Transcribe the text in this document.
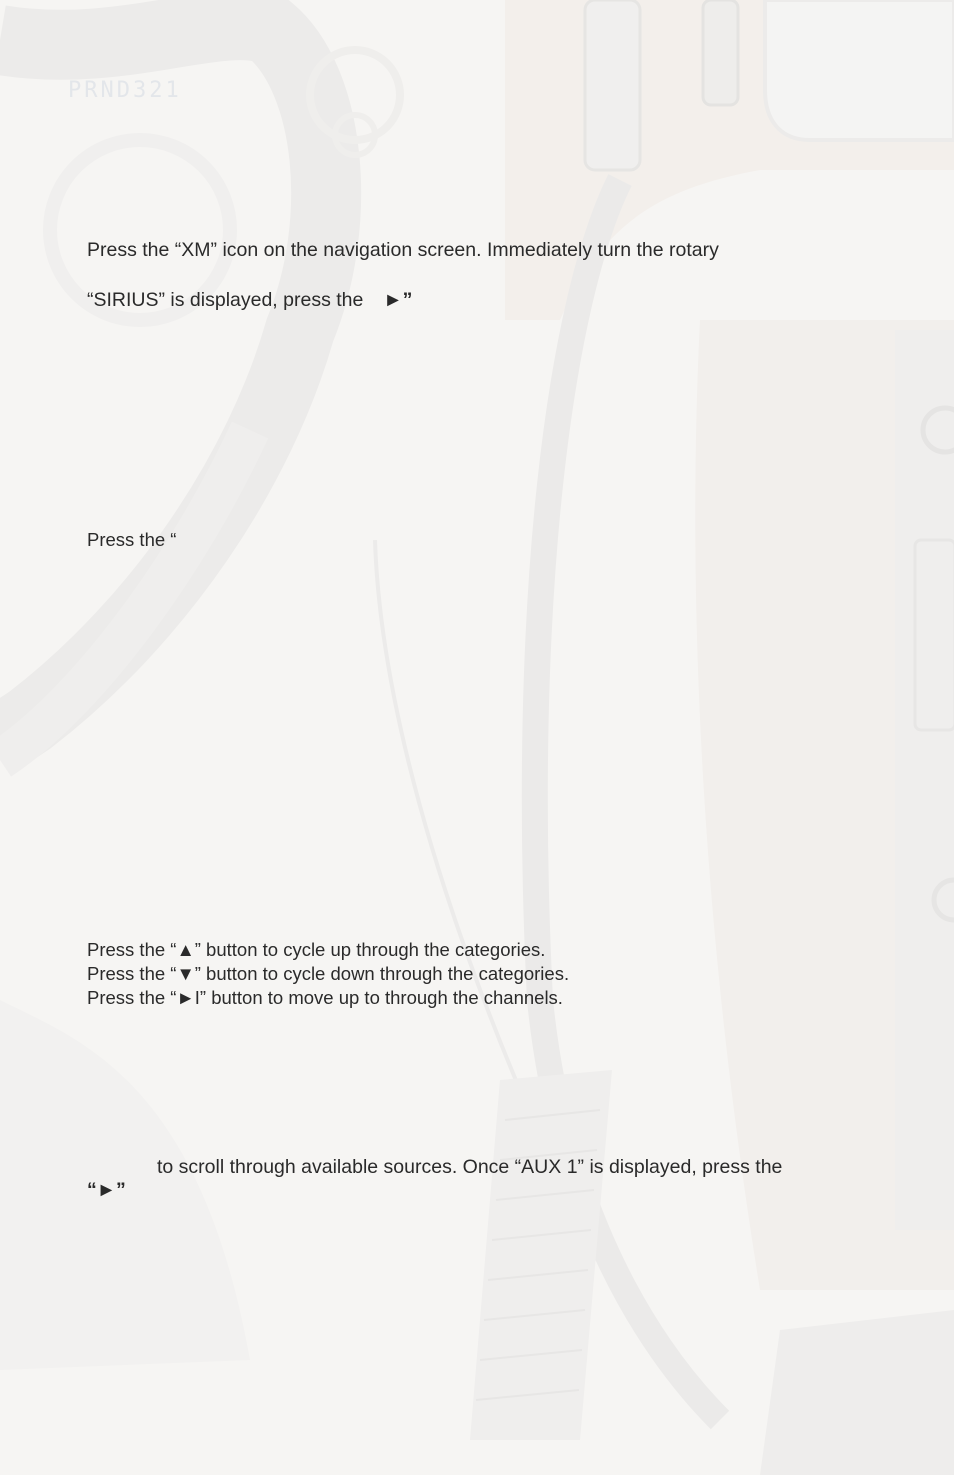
PRND321

Press the “XM” icon on the navigation screen. Immediately turn the rotary

“SIRIUS” is displayed, press the ►”

Press the “

Press the “▲” button to cycle up through the categories.

Press the “▼” button to cycle down through the categories.

Press the “►I” button to move up to through the channels.

to scroll through available sources. Once “AUX 1” is displayed, press the

“►”
